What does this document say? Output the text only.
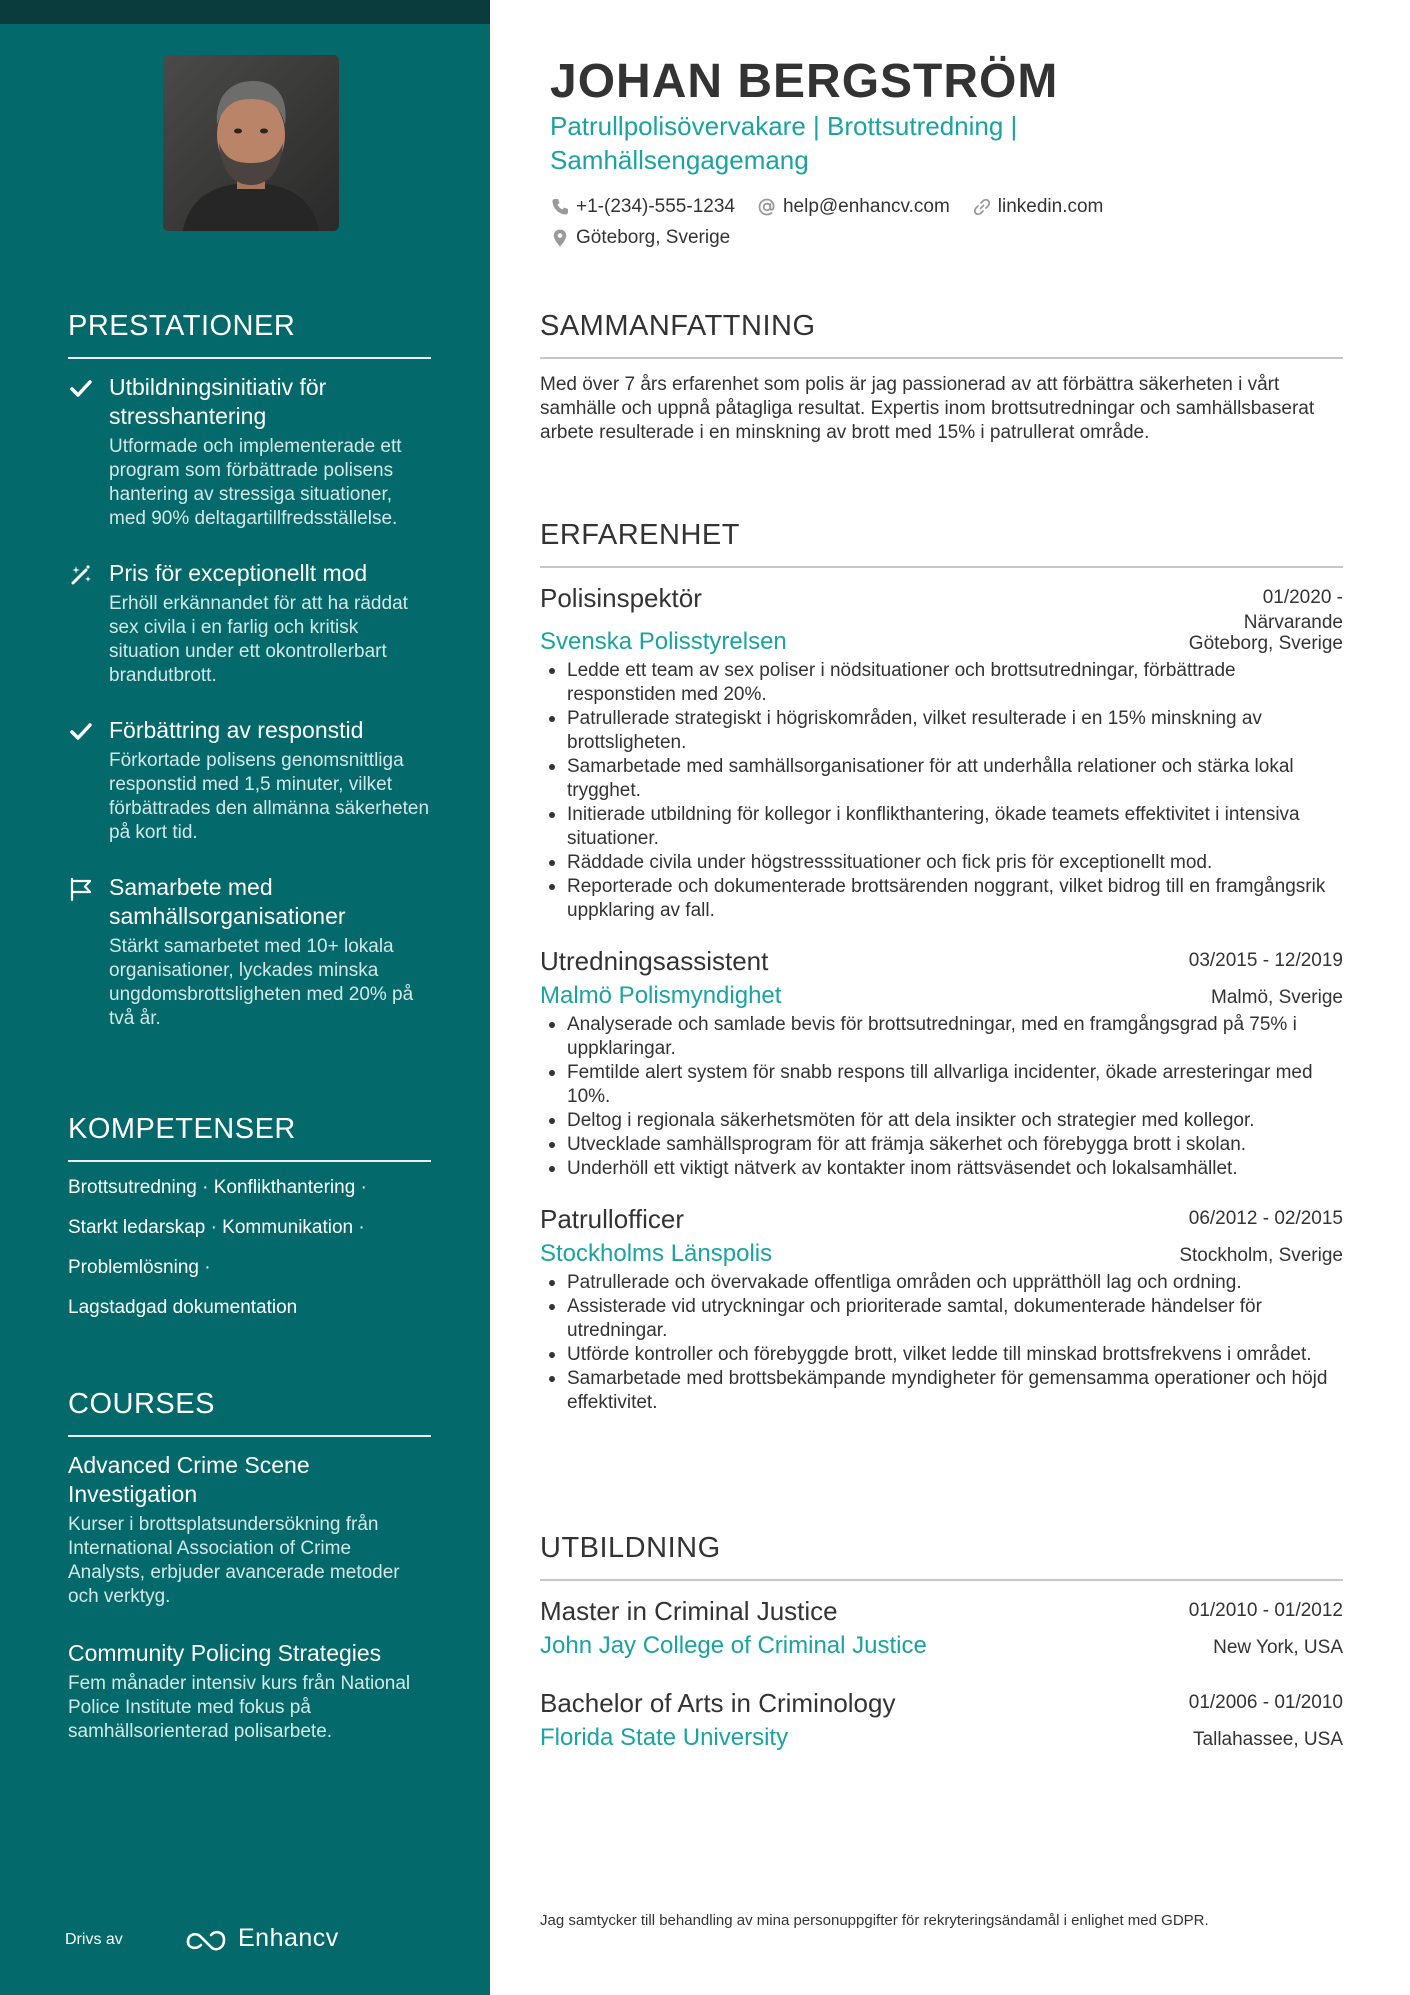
PRESTATIONER
Utbildningsinitiativ för stresshantering
Utformade och implementerade ett program som förbättrade polisens hantering av stressiga situationer, med 90% deltagartillfredsställelse.
Pris för exceptionellt mod
Erhöll erkännandet för att ha räddat sex civila i en farlig och kritisk situation under ett okontrollerbart brandutbrott.
Förbättring av responstid
Förkortade polisens genomsnittliga responstid med 1,5 minuter, vilket förbättrades den allmänna säkerheten på kort tid.
Samarbete med samhällsorganisationer
Stärkt samarbetet med 10+ lokala organisationer, lyckades minska ungdomsbrottsligheten med 20% på två år.
KOMPETENSER
Brottsutredning · Konflikthantering ·
Starkt ledarskap · Kommunikation ·
Problemlösning ·
Lagstadgad dokumentation
COURSES
Advanced Crime Scene Investigation
Kurser i brottsplatsundersökning från International Association of Crime Analysts, erbjuder avancerade metoder och verktyg.
Community Policing Strategies
Fem månader intensiv kurs från National Police Institute med fokus på samhällsorienterad polisarbete.
Drivs av	Enhancv
JOHAN BERGSTRÖM
Patrullpolisövervakare | Brottsutredning | Samhällsengagemang
+1-(234)-555-1234	help@enhancv.com	linkedin.com
Göteborg, Sverige
SAMMANFATTNING
Med över 7 års erfarenhet som polis är jag passionerad av att förbättra säkerheten i vårt samhälle och uppnå påtagliga resultat. Expertis inom brottsutredningar och samhällsbaserat arbete resulterade i en minskning av brott med 15% i patrullerat område.
ERFARENHET
Polisinspektör	01/2020 -
Närvarande
Svenska Polisstyrelsen	Göteborg, Sverige
Ledde ett team av sex poliser i nödsituationer och brottsutredningar, förbättrade responstiden med 20%.
Patrullerade strategiskt i högriskområden, vilket resulterade i en 15% minskning av brottsligheten.
Samarbetade med samhällsorganisationer för att underhålla relationer och stärka lokal trygghet.
Initierade utbildning för kollegor i konflikthantering, ökade teamets effektivitet i intensiva situationer.
Räddade civila under högstresssituationer och fick pris för exceptionellt mod.
Reporterade och dokumenterade brottsärenden noggrant, vilket bidrog till en framgångsrik uppklaring av fall.
Utredningsassistent	03/2015 - 12/2019
Malmö Polismyndighet	Malmö, Sverige
Analyserade och samlade bevis för brottsutredningar, med en framgångsgrad på 75% i uppklaringar.
Femtilde alert system för snabb respons till allvarliga incidenter, ökade arresteringar med 10%.
Deltog i regionala säkerhetsmöten för att dela insikter och strategier med kollegor.
Utvecklade samhällsprogram för att främja säkerhet och förebygga brott i skolan.
Underhöll ett viktigt nätverk av kontakter inom rättsväsendet och lokalsamhället.
Patrullofficer	06/2012 - 02/2015
Stockholms Länspolis	Stockholm, Sverige
Patrullerade och övervakade offentliga områden och upprätthöll lag och ordning.
Assisterade vid utryckningar och prioriterade samtal, dokumenterade händelser för utredningar.
Utförde kontroller och förebyggde brott, vilket ledde till minskad brottsfrekvens i området.
Samarbetade med brottsbekämpande myndigheter för gemensamma operationer och höjd effektivitet.
UTBILDNING
Master in Criminal Justice	01/2010 - 01/2012
John Jay College of Criminal Justice	New York, USA
Bachelor of Arts in Criminology	01/2006 - 01/2010
Florida State University	Tallahassee, USA
Jag samtycker till behandling av mina personuppgifter för rekryteringsändamål i enlighet med GDPR.
